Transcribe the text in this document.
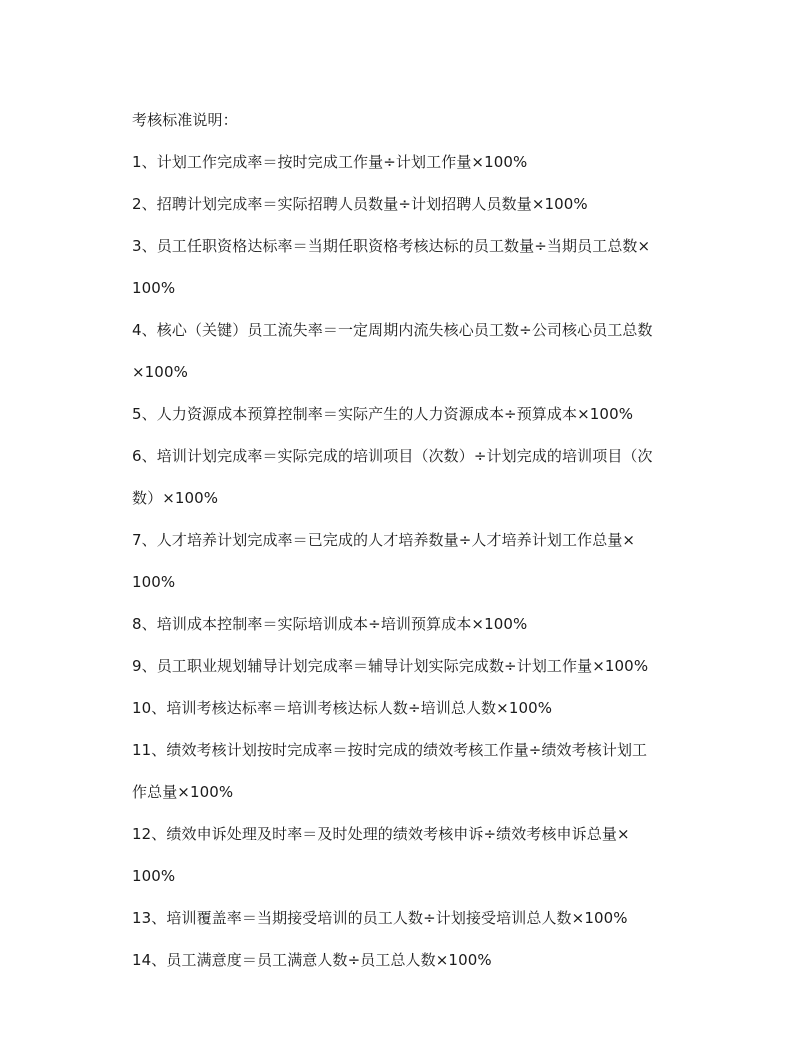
考核标准说明：
1、计划工作完成率＝按时完成工作量÷计划工作量×100%
2、招聘计划完成率＝实际招聘人员数量÷计划招聘人员数量×100%
3、员工任职资格达标率＝当期任职资格考核达标的员工数量÷当期员工总数×
100%
4、核心（关键）员工流失率＝一定周期内流失核心员工数÷公司核心员工总数
×100%
5、人力资源成本预算控制率＝实际产生的人力资源成本÷预算成本×100%
6、培训计划完成率＝实际完成的培训项目（次数）÷计划完成的培训项目（次
数）×100%
7、人才培养计划完成率＝已完成的人才培养数量÷人才培养计划工作总量×
100%
8、培训成本控制率＝实际培训成本÷培训预算成本×100%
9、员工职业规划辅导计划完成率＝辅导计划实际完成数÷计划工作量×100%
10、培训考核达标率＝培训考核达标人数÷培训总人数×100%
11、绩效考核计划按时完成率＝按时完成的绩效考核工作量÷绩效考核计划工
作总量×100%
12、绩效申诉处理及时率＝及时处理的绩效考核申诉÷绩效考核申诉总量×
100%
13、培训覆盖率＝当期接受培训的员工人数÷计划接受培训总人数×100%
14、员工满意度＝员工满意人数÷员工总人数×100%
